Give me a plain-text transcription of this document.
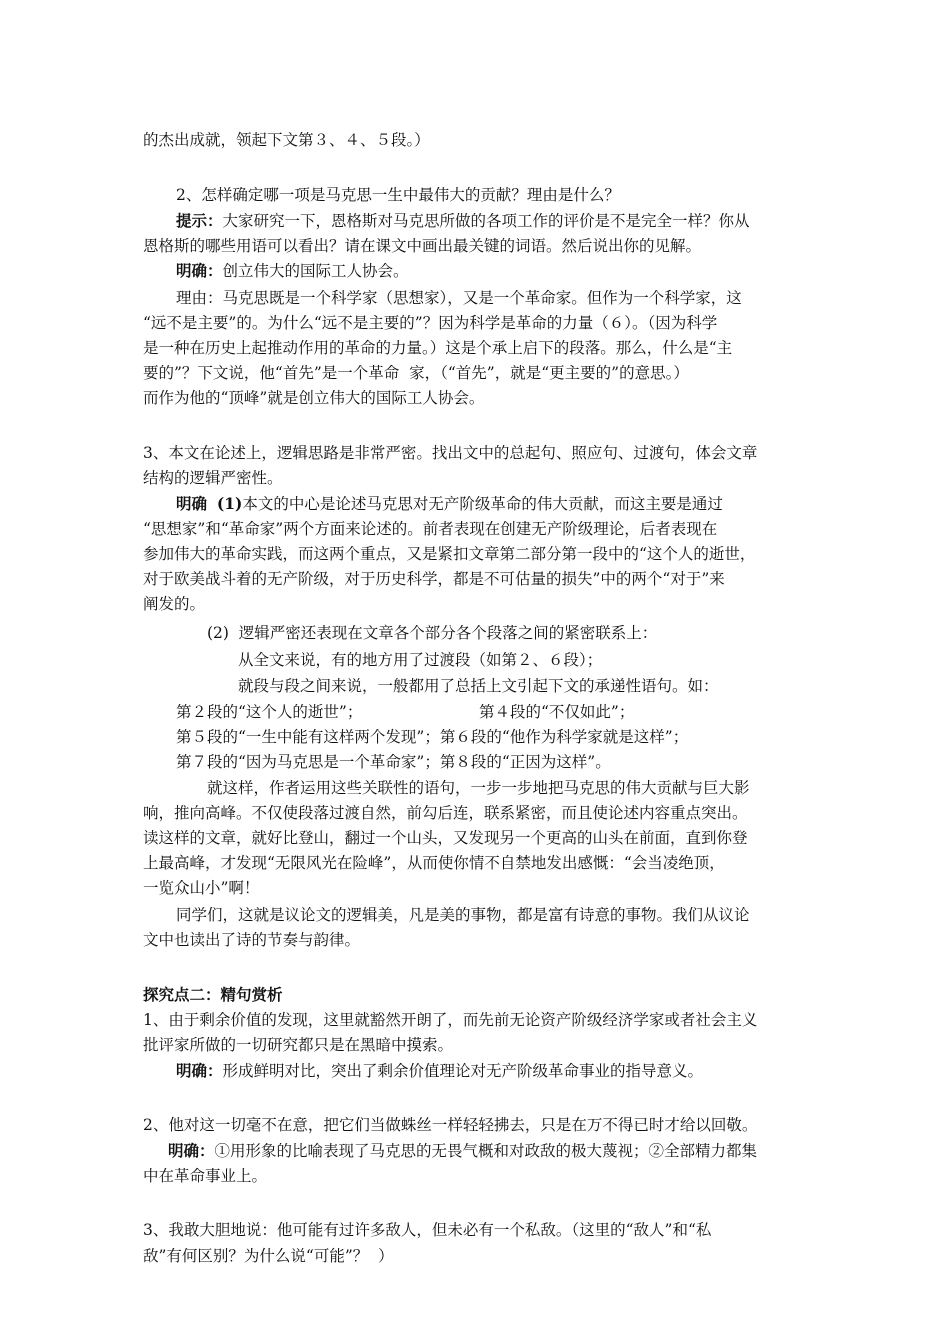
的杰出成就，领起下文第３、４、５段。）
2、怎样确定哪一项是马克思一生中最伟大的贡献？理由是什么？
提示：大家研究一下，恩格斯对马克思所做的各项工作的评价是不是完全一样？你从
恩格斯的哪些用语可以看出？请在课文中画出最关键的词语。然后说出你的见解。
明确：创立伟大的国际工人协会。
理由：马克思既是一个科学家（思想家），又是一个革命家。但作为一个科学家，这
“远不是主要”的。为什么“远不是主要的”？因为科学是革命的力量（６）。（因为科学
是一种在历史上起推动作用的革命的力量。）这是个承上启下的段落。那么，什么是“主
要的”？下文说，他“首先”是一个革命  家，（“首先”，就是“更主要的”的意思。）
而作为他的“顶峰”就是创立伟大的国际工人协会。
3、本文在论述上，逻辑思路是非常严密。找出文中的总起句、照应句、过渡句，体会文章
结构的逻辑严密性。
明确 (1)本文的中心是论述马克思对无产阶级革命的伟大贡献，而这主要是通过
“思想家”和“革命家”两个方面来论述的。前者表现在创建无产阶级理论，后者表现在
参加伟大的革命实践，而这两个重点，又是紧扣文章第二部分第一段中的“这个人的逝世，
对于欧美战斗着的无产阶级，对于历史科学，都是不可估量的损失”中的两个“对于”来
阐发的。
(2)  逻辑严密还表现在文章各个部分各个段落之间的紧密联系上：
从全文来说，有的地方用了过渡段（如第２、６段）；
就段与段之间来说，一般都用了总括上文引起下文的承递性语句。如：
第２段的“这个人的逝世”；	第４段的“不仅如此”；
第５段的“一生中能有这样两个发现”；第６段的“他作为科学家就是这样”；
第７段的“因为马克思是一个革命家”；第８段的“正因为这样”。
就这样，作者运用这些关联性的语句，一步一步地把马克思的伟大贡献与巨大影
响，推向高峰。不仅使段落过渡自然，前勾后连，联系紧密，而且使论述内容重点突出。
读这样的文章，就好比登山，翻过一个山头，又发现另一个更高的山头在前面，直到你登
上最高峰，才发现“无限风光在险峰”，从而使你情不自禁地发出感慨：“会当凌绝顶，
一览众山小”啊！
同学们，这就是议论文的逻辑美，凡是美的事物，都是富有诗意的事物。我们从议论
文中也读出了诗的节奏与韵律。
探究点二：精句赏析
1、由于剩余价值的发现，这里就豁然开朗了，而先前无论资产阶级经济学家或者社会主义
批评家所做的一切研究都只是在黑暗中摸索。
明确：形成鲜明对比，突出了剩余价值理论对无产阶级革命事业的指导意义。
2、他对这一切毫不在意，把它们当做蛛丝一样轻轻拂去，只是在万不得已时才给以回敬。
明确：①用形象的比喻表现了马克思的无畏气概和对政敌的极大蔑视；②全部精力都集
中在革命事业上。
3、我敢大胆地说：他可能有过许多敌人，但未必有一个私敌。（这里的“敌人”和“私
敌”有何区别？为什么说“可能”？  ）
